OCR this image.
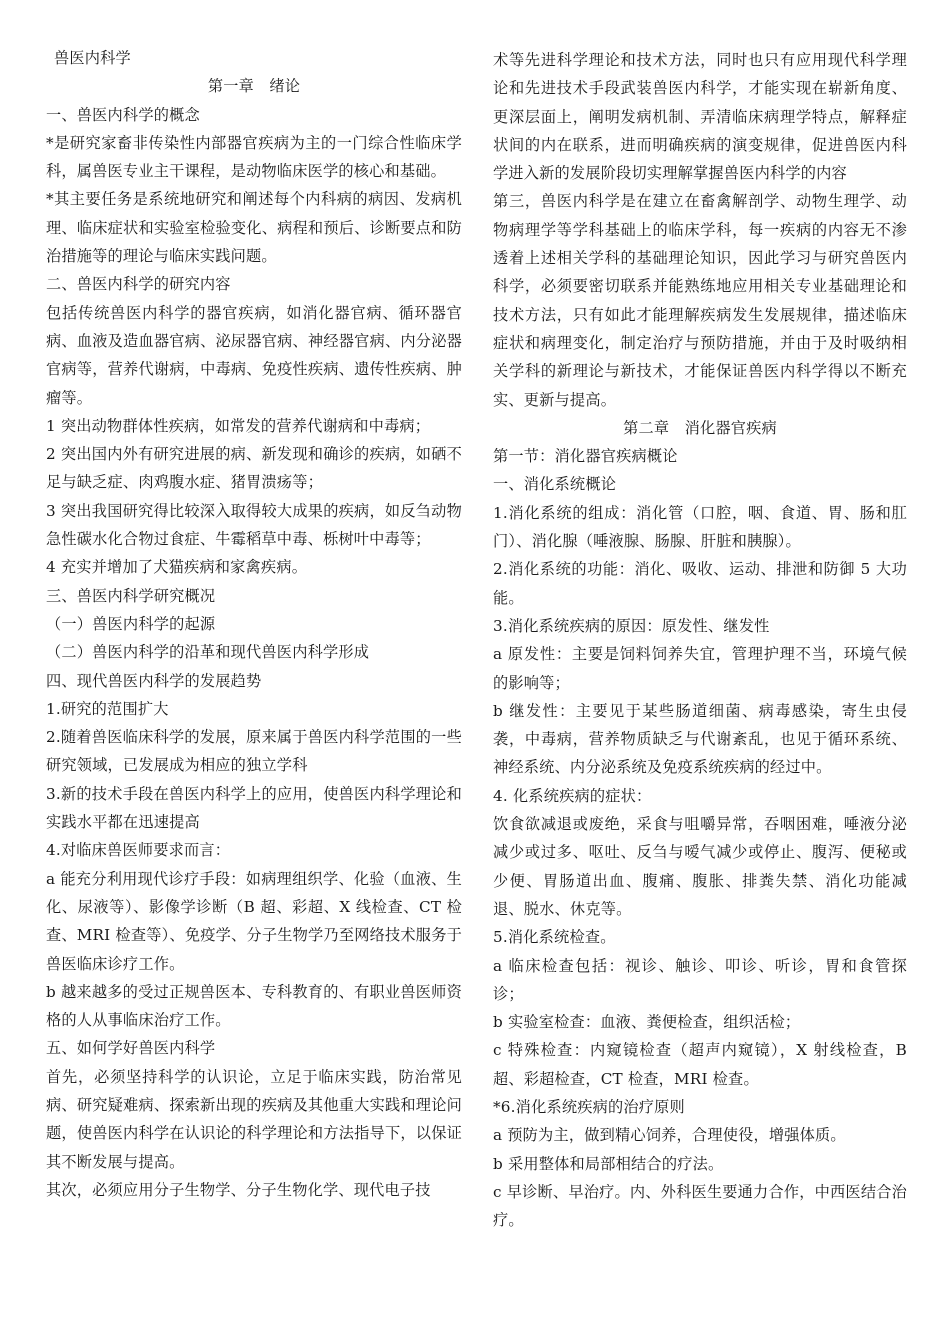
兽医内科学

第一章　绪论

一、兽医内科学的概念

*是研究家畜非传染性内部器官疾病为主的一门综合性临床学科，属兽医专业主干课程，是动物临床医学的核心和基础。

*其主要任务是系统地研究和阐述每个内科病的病因、发病机理、临床症状和实验室检验变化、病程和预后、诊断要点和防治措施等的理论与临床实践问题。

二、兽医内科学的研究内容

包括传统兽医内科学的器官疾病，如消化器官病、循环器官病、血液及造血器官病、泌尿器官病、神经器官病、内分泌器官病等，营养代谢病，中毒病、免疫性疾病、遗传性疾病、肿瘤等。

1 突出动物群体性疾病，如常发的营养代谢病和中毒病；

2 突出国内外有研究进展的病、新发现和确诊的疾病，如硒不足与缺乏症、肉鸡腹水症、猪胃溃疡等；

3 突出我国研究得比较深入取得较大成果的疾病，如反刍动物急性碳水化合物过食症、牛霉稻草中毒、栎树叶中毒等；

4 充实并增加了犬猫疾病和家禽疾病。

三、兽医内科学研究概况

（一）兽医内科学的起源

（二）兽医内科学的沿革和现代兽医内科学形成

四、现代兽医内科学的发展趋势

1.研究的范围扩大

2.随着兽医临床科学的发展，原来属于兽医内科学范围的一些研究领域，已发展成为相应的独立学科

3.新的技术手段在兽医内科学上的应用，使兽医内科学理论和实践水平都在迅速提高

4.对临床兽医师要求而言：

a 能充分利用现代诊疗手段：如病理组织学、化验（血液、生化、尿液等）、影像学诊断（B 超、彩超、X 线检查、CT 检查、MRI 检查等）、免疫学、分子生物学乃至网络技术服务于兽医临床诊疗工作。

b 越来越多的受过正规兽医本、专科教育的、有职业兽医师资格的人从事临床治疗工作。

五、如何学好兽医内科学

首先，必须坚持科学的认识论，立足于临床实践，防治常见病、研究疑难病、探索新出现的疾病及其他重大实践和理论问题，使兽医内科学在认识论的科学理论和方法指导下，以保证其不断发展与提高。

其次，必须应用分子生物学、分子生物化学、现代电子技

术等先进科学理论和技术方法，同时也只有应用现代科学理论和先进技术手段武装兽医内科学，才能实现在崭新角度、更深层面上，阐明发病机制、弄清临床病理学特点，解释症状间的内在联系，进而明确疾病的演变规律，促进兽医内科学进入新的发展阶段切实理解掌握兽医内科学的内容

第三，兽医内科学是在建立在畜禽解剖学、动物生理学、动物病理学等学科基础上的临床学科，每一疾病的内容无不渗透着上述相关学科的基础理论知识，因此学习与研究兽医内科学，必须要密切联系并能熟练地应用相关专业基础理论和技术方法，只有如此才能理解疾病发生发展规律，描述临床症状和病理变化，制定治疗与预防措施，并由于及时吸纳相关学科的新理论与新技术，才能保证兽医内科学得以不断充实、更新与提高。

第二章　消化器官疾病

第一节：消化器官疾病概论

一、消化系统概论

1.消化系统的组成：消化管（口腔，咽、食道、胃、肠和肛门）、消化腺（唾液腺、肠腺、肝脏和胰腺）。

2.消化系统的功能：消化、吸收、运动、排泄和防御 5 大功能。

3.消化系统疾病的原因：原发性、继发性

a 原发性：主要是饲料饲养失宜，管理护理不当，环境气候的影响等；

b 继发性：主要见于某些肠道细菌、病毒感染，寄生虫侵袭，中毒病，营养物质缺乏与代谢紊乱，也见于循环系统、神经系统、内分泌系统及免疫系统疾病的经过中。

4. 化系统疾病的症状：

饮食欲减退或废绝，采食与咀嚼异常，吞咽困难，唾液分泌减少或过多、呕吐、反刍与嗳气减少或停止、腹泻、便秘或少便、胃肠道出血、腹痛、腹胀、排粪失禁、消化功能减退、脱水、休克等。

5.消化系统检查。

a 临床检查包括：视诊、触诊、叩诊、听诊，胃和食管探诊；

b 实验室检查：血液、粪便检查，组织活检；

c 特殊检查：内窥镜检查（超声内窥镜），X 射线检查，B 超、彩超检查，CT 检查，MRI 检查。

*6.消化系统疾病的治疗原则

a 预防为主，做到精心饲养，合理使役，增强体质。

b 采用整体和局部相结合的疗法。

c 早诊断、早治疗。内、外科医生要通力合作，中西医结合治疗。
